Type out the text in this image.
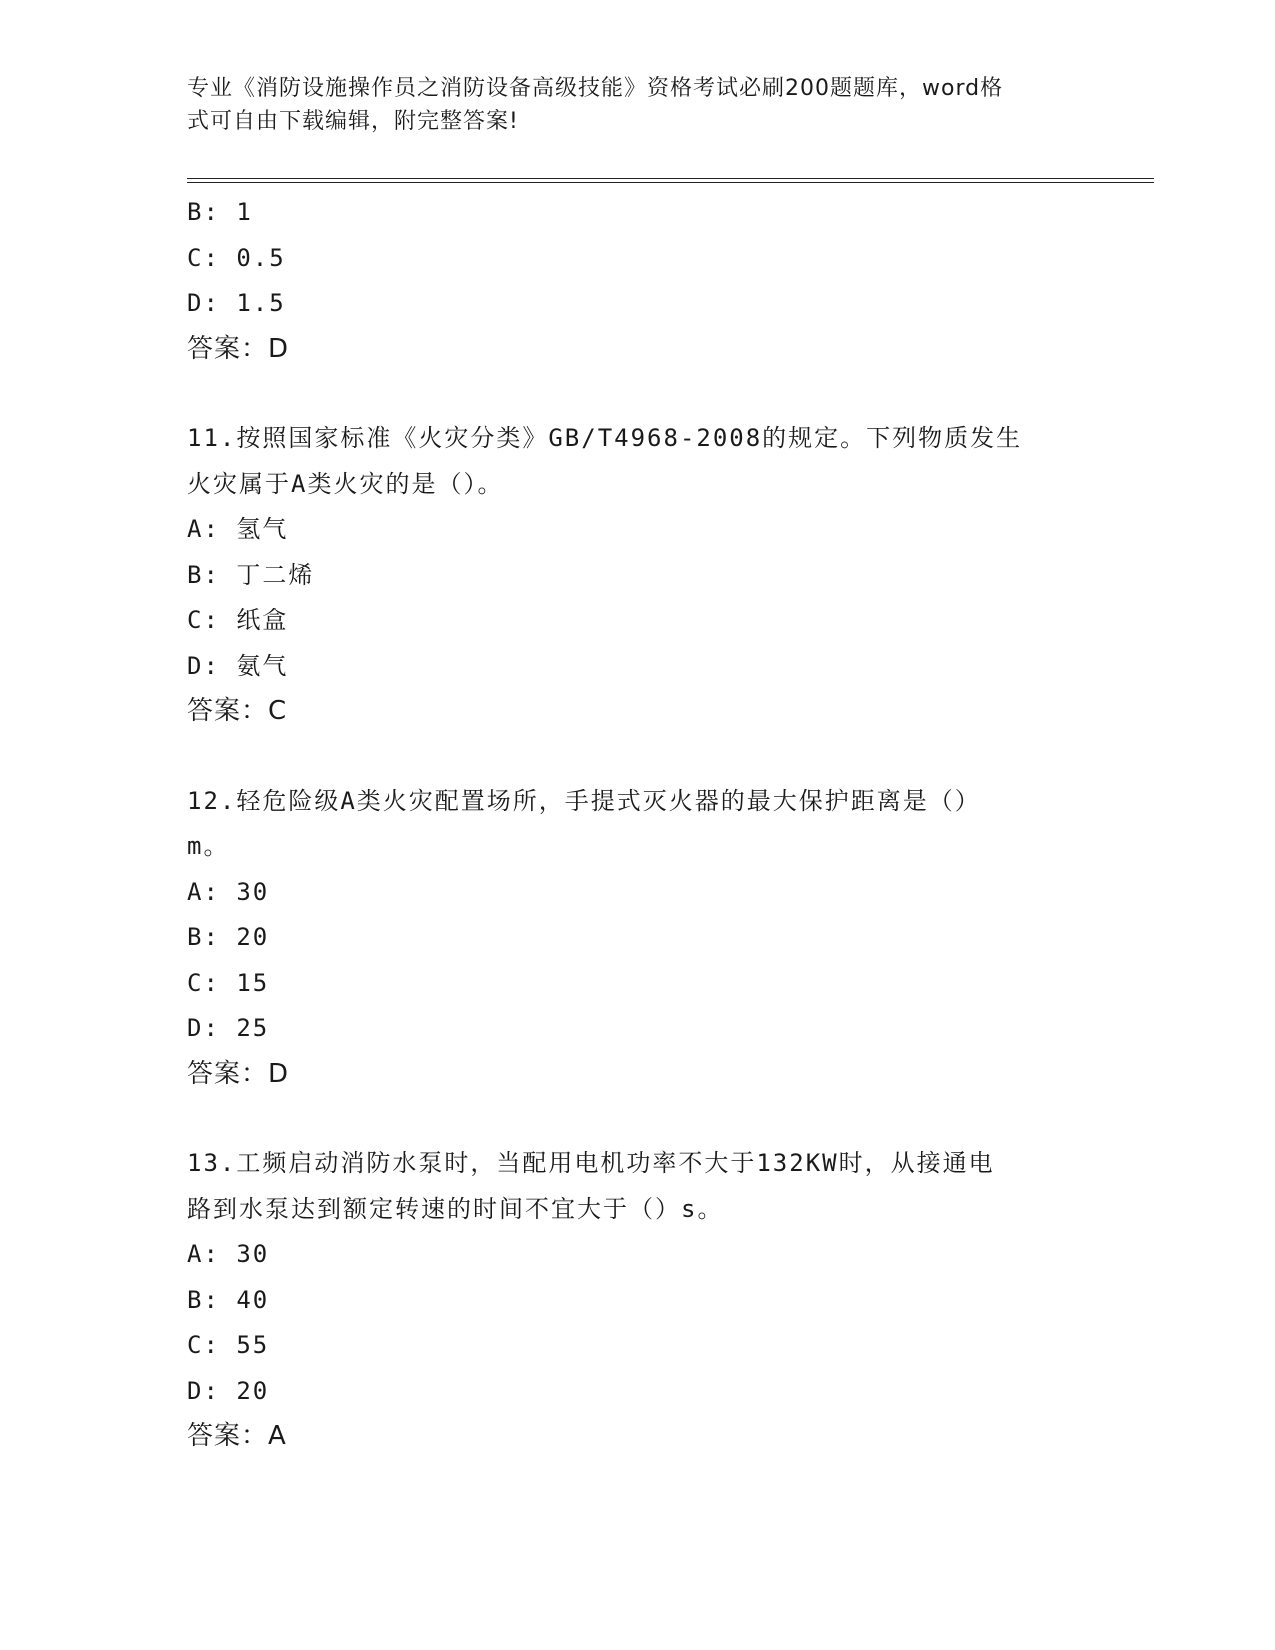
专业《消防设施操作员之消防设备高级技能》资格考试必刷200题题库，word格
式可自由下载编辑，附完整答案!
B: 1
C: 0.5
D: 1.5
答案：D
11.按照国家标准《火灾分类》GB/T4968-2008的规定。下列物质发生
火灾属于A类火灾的是（）。
A: 氢气
B: 丁二烯
C: 纸盒
D: 氨气
答案：C
12.轻危险级A类火灾配置场所，手提式灭火器的最大保护距离是（）
m。
A: 30
B: 20
C: 15
D: 25
答案：D
13.工频启动消防水泵时，当配用电机功率不大于132KW时，从接通电
路到水泵达到额定转速的时间不宜大于（）s。
A: 30
B: 40
C: 55
D: 20
答案：A
